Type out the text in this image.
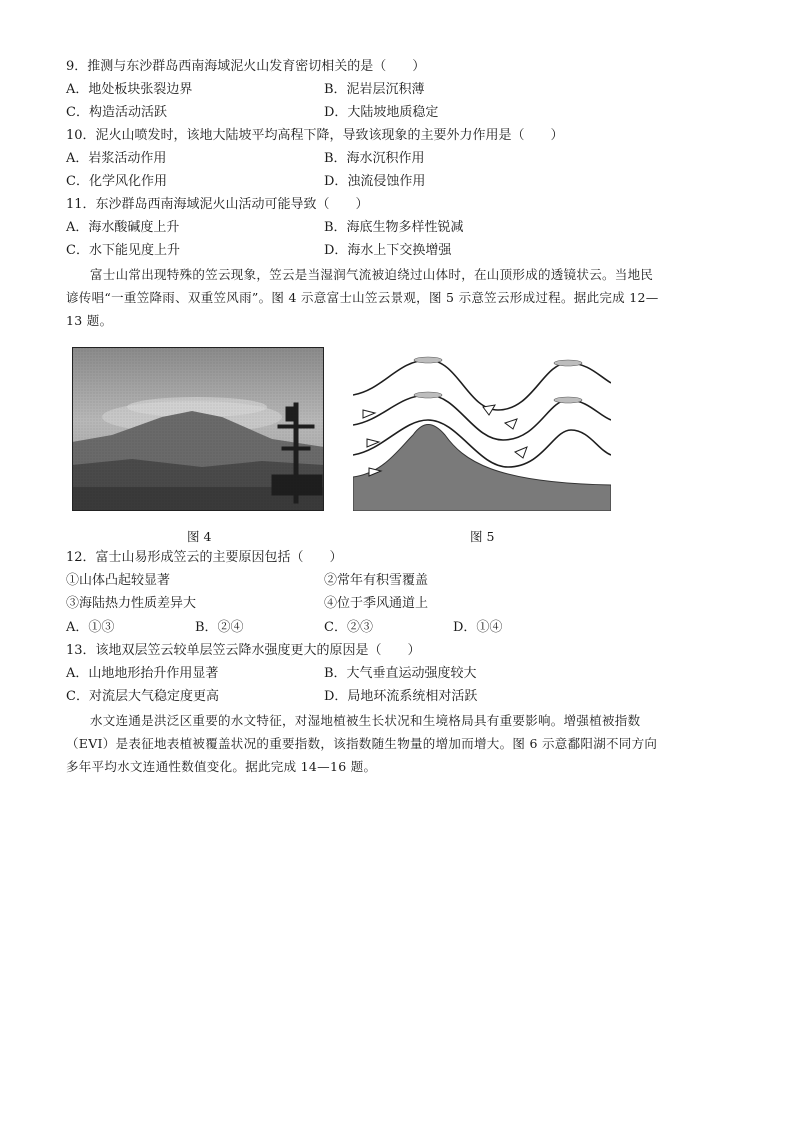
9．推测与东沙群岛西南海域泥火山发育密切相关的是（　　）
A．地处板块张裂边界	B．泥岩层沉积薄
C．构造活动活跃	D．大陆坡地质稳定
10．泥火山喷发时，该地大陆坡平均高程下降，导致该现象的主要外力作用是（　　）
A．岩浆活动作用	B．海水沉积作用
C．化学风化作用	D．浊流侵蚀作用
11．东沙群岛西南海域泥火山活动可能导致（　　）
A．海水酸碱度上升	B．海底生物多样性锐减
C．水下能见度上升	D．海水上下交换增强
富士山常出现特殊的笠云现象，笠云是当湿润气流被迫绕过山体时，在山顶形成的透镜状云。当地民
谚传唱“一重笠降雨、双重笠风雨”。图 4 示意富士山笠云景观，图 5 示意笠云形成过程。据此完成 12—
13 题。
图 4	图 5
12．富士山易形成笠云的主要原因包括（　　）
①山体凸起较显著	②常年有积雪覆盖
③海陆热力性质差异大	④位于季风通道上
A．①③	B．②④	C．②③	D．①④
13．该地双层笠云较单层笠云降水强度更大的原因是（　　）
A．山地地形抬升作用显著	B．大气垂直运动强度较大
C．对流层大气稳定度更高	D．局地环流系统相对活跃
水文连通是洪泛区重要的水文特征，对湿地植被生长状况和生境格局具有重要影响。增强植被指数
（EVI）是表征地表植被覆盖状况的重要指数，该指数随生物量的增加而增大。图 6 示意鄱阳湖不同方向
多年平均水文连通性数值变化。据此完成 14—16 题。
